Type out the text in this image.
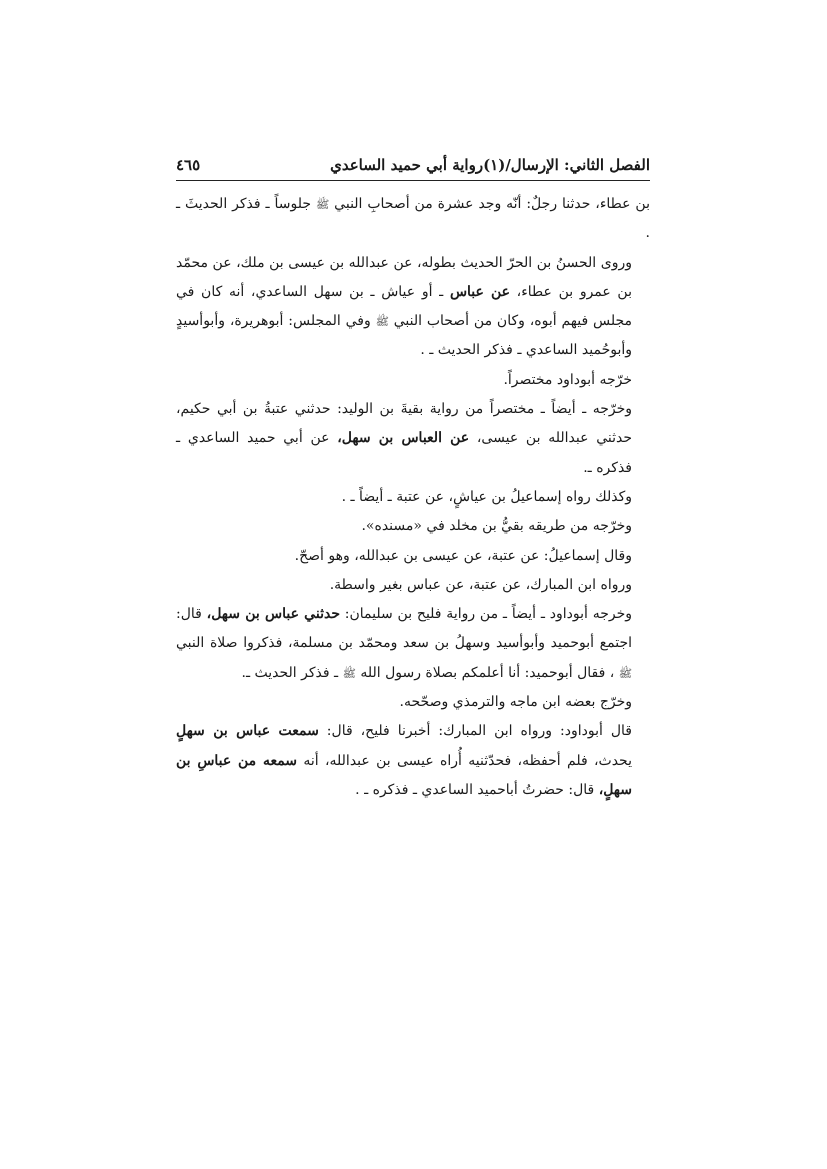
الفصل الثاني: الإرسال/(١)رواية أبي حميد الساعدي
٤٦٥

بن عطاء، حدثنا رجلٌ: أنّه وجد عشرة من أصحابِ النبي ﷺ جلوساً ـ فذكر الحديثَ ـ .

وروى الحسنُ بن الحرّ الحديث بطوله، عن عبدالله بن عيسى بن ملك، عن محمّد بن عمرو بن عطاء، عن عباس ـ أو عياش ـ بن سهل الساعدي، أنه كان في مجلس فيهم أبوه، وكان من أصحاب النبي ﷺ وفي المجلس: أبوهريرة، وأبوأسيدٍ وأبوحُميد الساعدي ـ فذكر الحديث ـ .

خرّجه أبوداود مختصراً.

وخرّجه ـ أيضاً ـ مختصراً من رواية بقيةَ بن الوليد: حدثني عتبةُ بن أبي حكيم، حدثني عبدالله بن عيسى، عن العباس بن سهل، عن أبي حميد الساعدي ـ فذكره ـ.

وكذلك رواه إسماعيلُ بن عياشٍ، عن عتبة ـ أيضاً ـ .

وخرّجه من طريقه بقيُّ بن مخلد في «مسنده».

وقال إسماعيلُ: عن عتبة، عن عيسى بن عبدالله، وهو أصحّ.

ورواه ابن المبارك، عن عتبة، عن عباس بغير واسطة.

وخرجه أبوداود ـ أيضاً ـ من رواية فليح بن سليمان: حدثني عباس بن سهل، قال: اجتمع أبوحميد وأبوأسيد وسهلُ بن سعد ومحمّد بن مسلمة، فذكروا صلاة النبي ﷺ ، فقال أبوحميد: أنا أعلمكم بصلاة رسول الله ﷺ ـ فذكر الحديث ـ.

وخرّج بعضه ابن ماجه والترمذي وصحّحه.

قال أبوداود: ورواه ابن المبارك: أخبرنا فليح، قال: سمعت عباس بن سهلٍ يحدث، فلم أحفظه، فحدّثنيه أُراه عيسى بن عبدالله، أنه سمعه من عباسِ بن سهلٍ، قال: حضرتُ أباحميد الساعدي ـ فذكره ـ .
